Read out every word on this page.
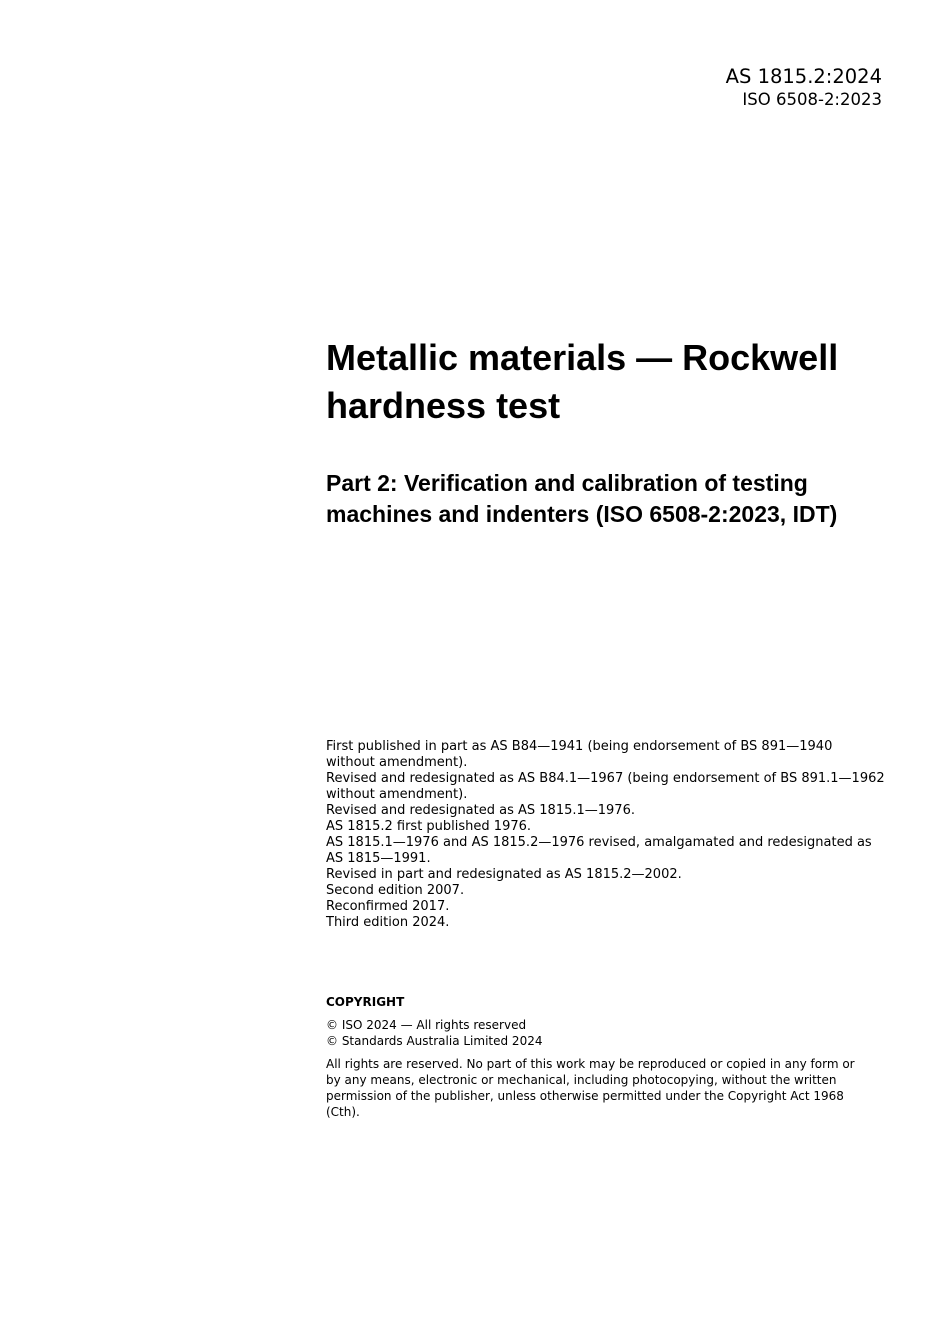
AS 1815.2:2024
ISO 6508-2:2023
Metallic materials — Rockwell hardness test
Part 2: Verification and calibration of testing machines and indenters (ISO 6508-2:2023, IDT)
First published in part as AS B84—1941 (being endorsement of BS 891—1940
without amendment).
Revised and redesignated as AS B84.1—1967 (being endorsement of BS 891.1—1962
without amendment).
Revised and redesignated as AS 1815.1—1976.
AS 1815.2 first published 1976.
AS 1815.1—1976 and AS 1815.2—1976 revised, amalgamated and redesignated as
AS 1815—1991.
Revised in part and redesignated as AS 1815.2—2002.
Second edition 2007.
Reconfirmed 2017.
Third edition 2024.
COPYRIGHT
© ISO 2024 — All rights reserved
© Standards Australia Limited 2024
All rights are reserved. No part of this work may be reproduced or copied in any form or by any means, electronic or mechanical, including photocopying, without the written permission of the publisher, unless otherwise permitted under the Copyright Act 1968 (Cth).
